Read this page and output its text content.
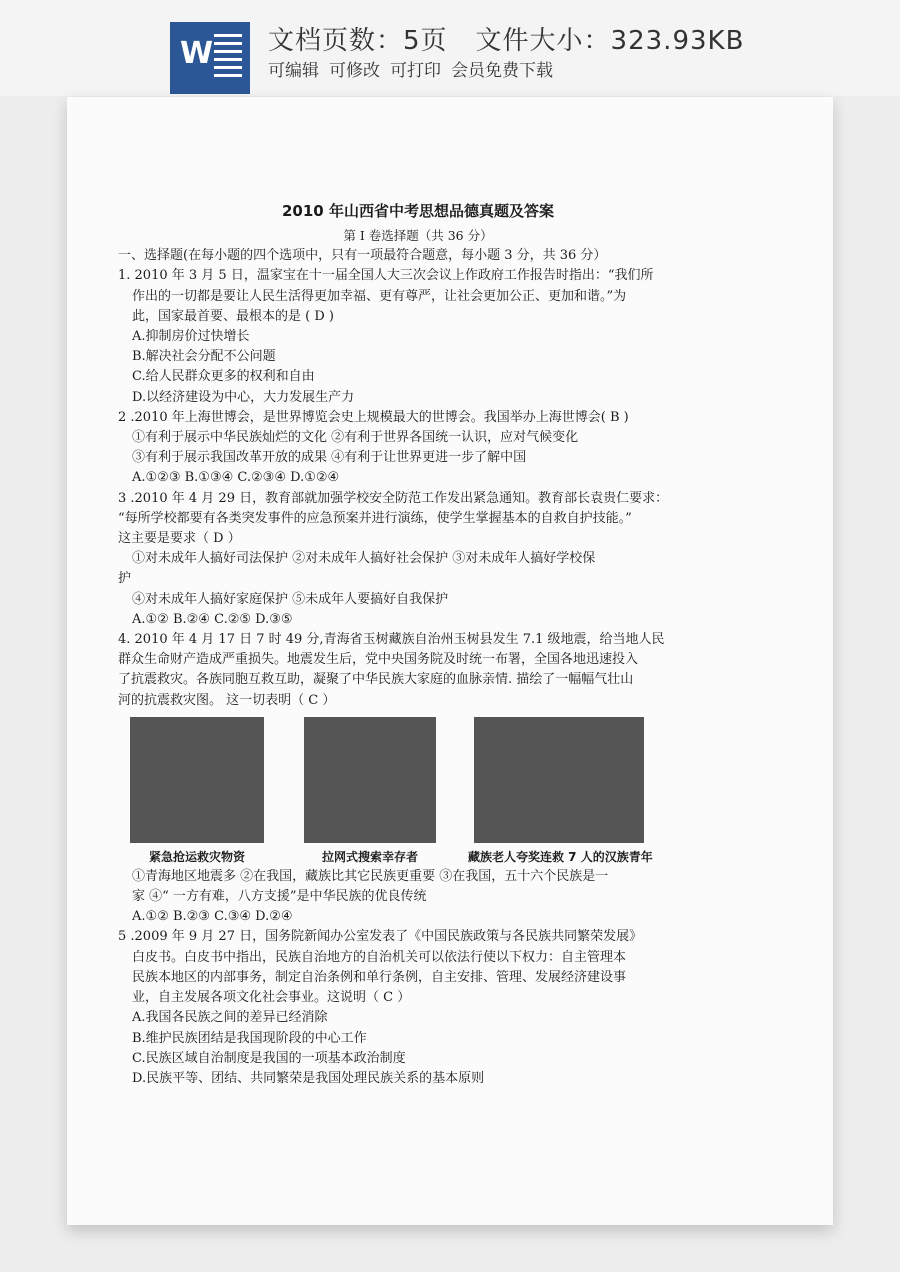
W 文档页数：5页 文件大小：323.93KB
可编辑 可修改 可打印 会员免费下载
2010 年山西省中考思想品德真题及答案
第 I 卷选择题（共 36 分）
一、选择题(在每小题的四个选项中，只有一项最符合题意，每小题 3 分，共 36 分）
1. 2010 年 3 月 5 日，温家宝在十一届全国人大三次会议上作政府工作报告时指出：“我们所
作出的一切都是要让人民生活得更加幸福、更有尊严，让社会更加公正、更加和谐。”为
此，国家最首要、最根本的是 ( D )
A.抑制房价过快增长
B.解决社会分配不公问题
C.给人民群众更多的权利和自由
D.以经济建设为中心，大力发展生产力
2 .2010 年上海世博会，是世界博览会史上规模最大的世博会。我国举办上海世博会( B )
①有利于展示中华民族灿烂的文化 ②有利于世界各国统一认识，应对气候变化
③有利于展示我国改革开放的成果 ④有利于让世界更进一步了解中国
A.①②③ B.①③④ C.②③④ D.①②④
3 .2010 年 4 月 29 日，教育部就加强学校安全防范工作发出紧急通知。教育部长袁贵仁要求：
“每所学校都要有各类突发事件的应急预案并进行演练，使学生掌握基本的自救自护技能。”
这主要是要求（ D ）
①对未成年人搞好司法保护 ②对未成年人搞好社会保护 ③对未成年人搞好学校保
护
④对未成年人搞好家庭保护 ⑤未成年人要搞好自我保护
A.①② B.②④ C.②⑤ D.③⑤
4. 2010 年 4 月 17 日 7 时 49 分,青海省玉树藏族自治州玉树县发生 7.1 级地震，给当地人民
群众生命财产造成严重损失。地震发生后，党中央国务院及时统一布署，全国各地迅速投入
了抗震救灾。各族同胞互救互助，凝聚了中华民族大家庭的血脉亲情. 描绘了一幅幅气壮山
河的抗震救灾图。 这一切表明（ C ）
紧急抢运救灾物资	拉网式搜索幸存者	藏族老人夸奖连救 7 人的汉族青年
①青海地区地震多 ②在我国，藏族比其它民族更重要 ③在我国，五十六个民族是一
家 ④“ 一方有难，八方支援”是中华民族的优良传统
A.①② B.②③ C.③④ D.②④
5 .2009 年 9 月 27 日，国务院新闻办公室发表了《中国民族政策与各民族共同繁荣发展》
白皮书。白皮书中指出，民族自治地方的自治机关可以依法行使以下权力：自主管理本
民族本地区的内部事务，制定自治条例和单行条例，自主安排、管理、发展经济建设事
业，自主发展各项文化社会事业。这说明（ C ）
A.我国各民族之间的差异已经消除
B.维护民族团结是我国现阶段的中心工作
C.民族区域自治制度是我国的一项基本政治制度
D.民族平等、团结、共同繁荣是我国处理民族关系的基本原则
